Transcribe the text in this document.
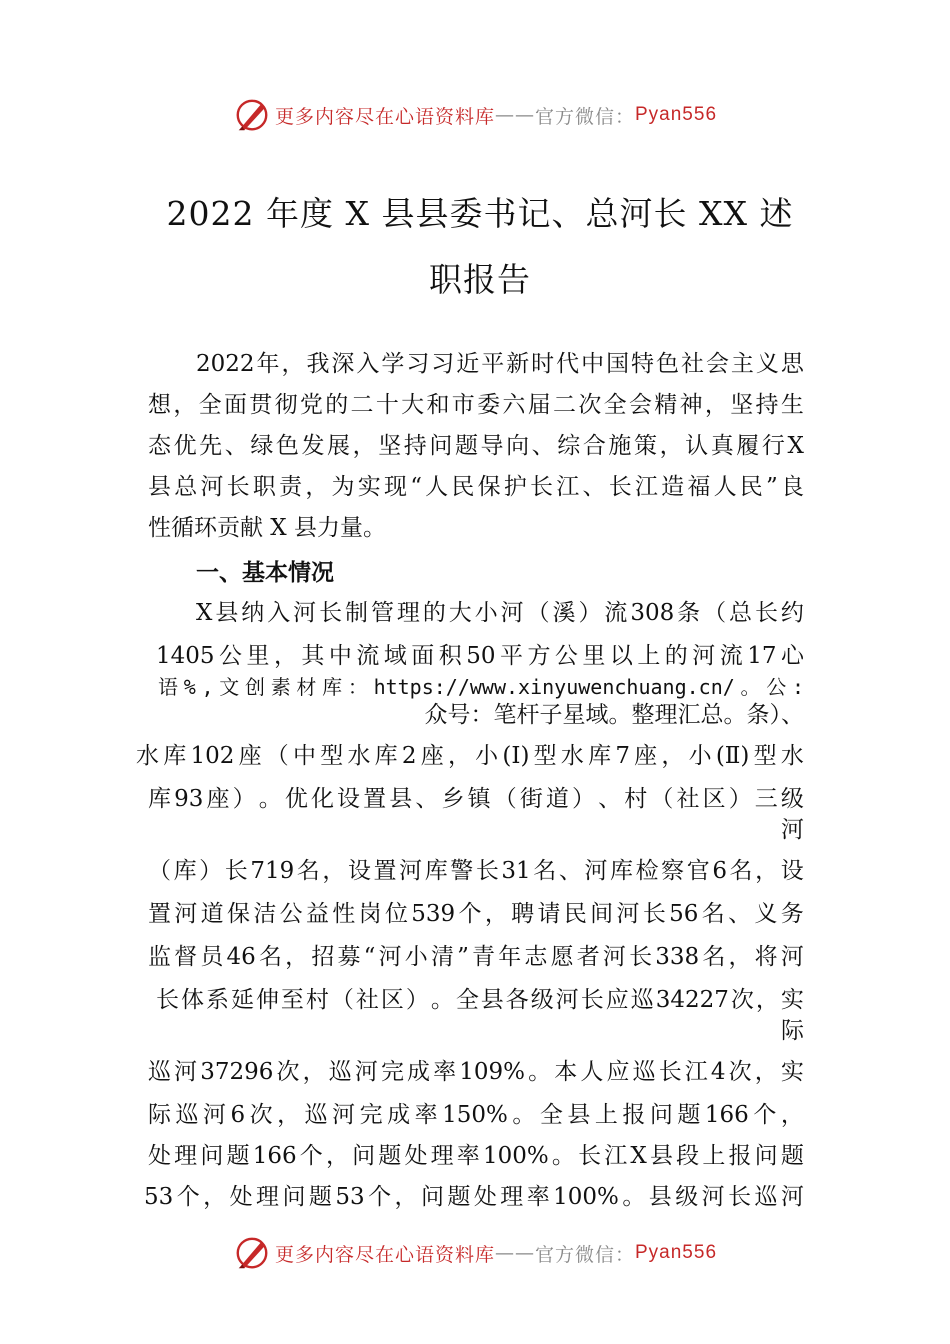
更多内容尽在心语资料库 —— 官方微信： Pyan556
2022 年度 X 县县委书记、总河长 XX 述
职报告
2022 年 ， 我 深 入 学 习 习 近 平 新 时 代 中 国 特 色 社 会 主 义 思
想 ， 全 面 贯 彻 党 的 二 十 大 和 市 委 六 届 二 次 全 会 精 神 ， 坚 持 生
态 优 先 、 绿 色 发 展 ， 坚 持 问 题 导 向 、 综 合 施 策 ， 认 真 履 行 X
县 总 河 长 职 责 ， 为 实 现 “ 人 民 保 护 长 江 、 长 江 造 福 人 民 ” 良
性循环贡献 X 县力量。
一、基本情况
X 县 纳 入 河 长 制 管 理 的 大 小 河 （ 溪 ） 流 308 条 （ 总 长 约
1405 公 里 ， 其 中 流 域 面 积 50 平 方 公 里 以 上 的 河 流 17 心
语 % , 文 创 素 材 库 ： https://www.xinyuwenchuang.cn/ 。 公 :
众号：笔杆子星域。整理汇总。条）、
水 库 102 座 （ 中 型 水 库 2 座 ， 小 (Ⅰ) 型 水 库 7 座 ， 小 (Ⅱ) 型 水
库 93 座 ） 。 优 化 设 置 县 、 乡 镇 （ 街 道 ） 、 村 （ 社 区 ） 三 级
河
（ 库 ） 长 719 名 ， 设 置 河 库 警 长 31 名 、 河 库 检 察 官 6 名 ， 设
置 河 道 保 洁 公 益 性 岗 位 539 个 ， 聘 请 民 间 河 长 56 名 、 义 务
监 督 员 46 名 ， 招 募 “ 河 小 清 ” 青 年 志 愿 者 河 长 338 名 ， 将 河
长 体 系 延 伸 至 村 （ 社 区 ） 。 全 县 各 级 河 长 应 巡 34227 次 ， 实
际
巡 河 37296 次 ， 巡 河 完 成 率 109% 。 本 人 应 巡 长 江 4 次 ， 实
际 巡 河 6 次 ， 巡 河 完 成 率 150% 。 全 县 上 报 问 题 166 个 ，
处 理 问 题 166 个 ， 问 题 处 理 率 100% 。 长 江 X 县 段 上 报 问 题
53 个 ， 处 理 问 题 53 个 ， 问 题 处 理 率 100% 。 县 级 河 长 巡 河
更多内容尽在心语资料库 —— 官方微信： Pyan556
